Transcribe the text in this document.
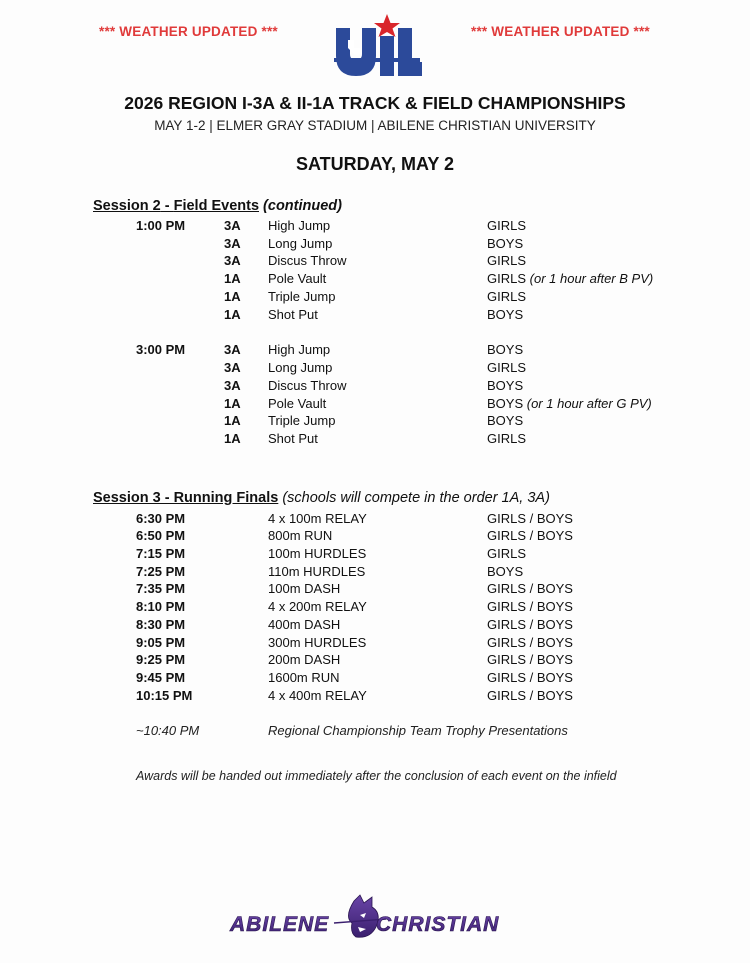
*** WEATHER UPDATED ***	*** WEATHER UPDATED ***
2026 REGION I-3A & II-1A TRACK & FIELD CHAMPIONSHIPS
MAY 1-2 | ELMER GRAY STADIUM | ABILENE CHRISTIAN UNIVERSITY
SATURDAY, MAY 2
Session 2 - Field Events (continued)
1:00 PM	3A High Jump	GIRLS
3A Long Jump	BOYS
3A Discus Throw	GIRLS
1A Pole Vault	GIRLS (or 1 hour after B PV)
1A Triple Jump	GIRLS
1A Shot Put	BOYS
3:00 PM	3A High Jump	BOYS
3A Long Jump	GIRLS
3A Discus Throw	BOYS
1A Pole Vault	BOYS (or 1 hour after G PV)
1A Triple Jump	BOYS
1A Shot Put	GIRLS
Session 3 - Running Finals (schools will compete in the order 1A, 3A)
6:30 PM	4 x 100m RELAY	GIRLS / BOYS
6:50 PM	800m RUN	GIRLS / BOYS
7:15 PM	100m HURDLES	GIRLS
7:25 PM	110m HURDLES	BOYS
7:35 PM	100m DASH	GIRLS / BOYS
8:10 PM	4 x 200m RELAY	GIRLS / BOYS
8:30 PM	400m DASH	GIRLS / BOYS
9:05 PM	300m HURDLES	GIRLS / BOYS
9:25 PM	200m DASH	GIRLS / BOYS
9:45 PM	1600m RUN	GIRLS / BOYS
10:15 PM	4 x 400m RELAY	GIRLS / BOYS
~10:40 PM	Regional Championship Team Trophy Presentations
Awards will be handed out immediately after the conclusion of each event on the infield
ABILENE CHRISTIAN
